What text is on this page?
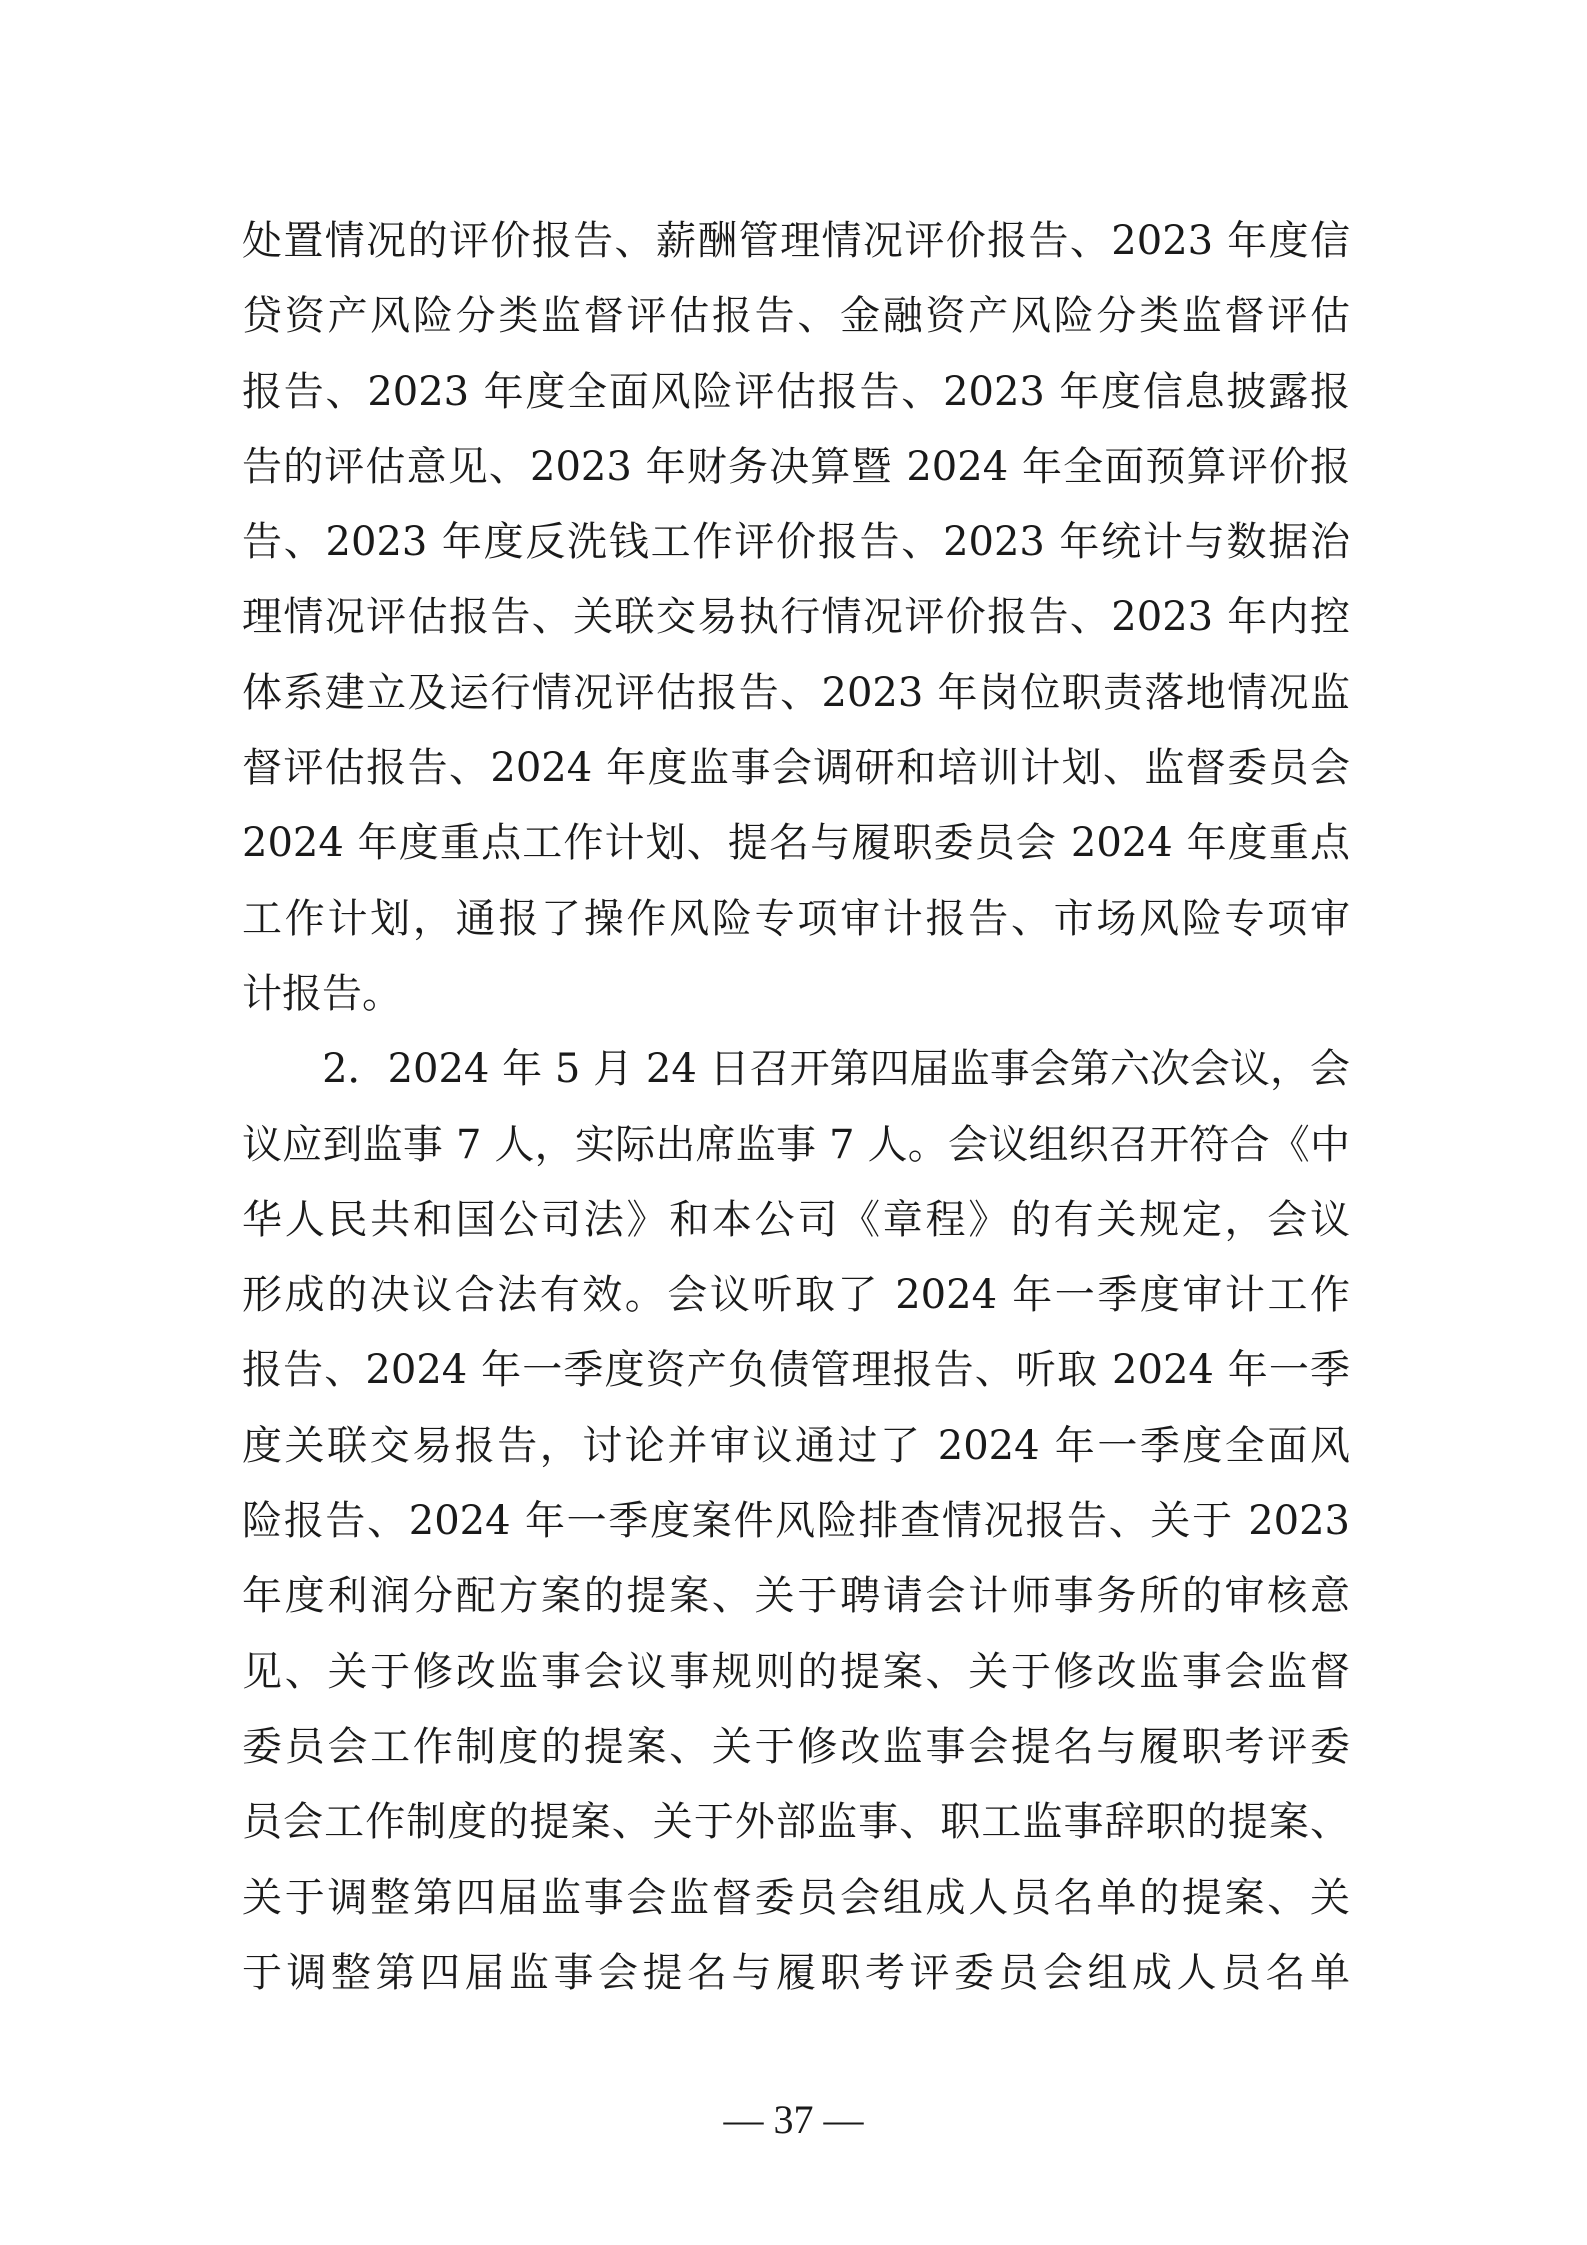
处置情况的评价报告、薪酬管理情况评价报告、2023 年度信
贷资产风险分类监督评估报告、金融资产风险分类监督评估
报告、2023 年度全面风险评估报告、2023 年度信息披露报
告的评估意见、2023 年财务决算暨 2024 年全面预算评价报
告、2023 年度反洗钱工作评价报告、2023 年统计与数据治
理情况评估报告、关联交易执行情况评价报告、2023 年内控
体系建立及运行情况评估报告、2023 年岗位职责落地情况监
督评估报告、2024 年度监事会调研和培训计划、监督委员会
2024 年度重点工作计划、提名与履职委员会 2024 年度重点
工作计划，通报了操作风险专项审计报告、市场风险专项审
计报告。
　　2．2024 年 5 月 24 日召开第四届监事会第六次会议，会
议应到监事 7 人，实际出席监事 7 人。会议组织召开符合《中
华人民共和国公司法》和本公司《章程》的有关规定，会议
形成的决议合法有效。会议听取了 2024 年一季度审计工作
报告、2024 年一季度资产负债管理报告、听取 2024 年一季
度关联交易报告，讨论并审议通过了 2024 年一季度全面风
险报告、2024 年一季度案件风险排查情况报告、关于 2023
年度利润分配方案的提案、关于聘请会计师事务所的审核意
见、关于修改监事会议事规则的提案、关于修改监事会监督
委员会工作制度的提案、关于修改监事会提名与履职考评委
员会工作制度的提案、关于外部监事、职工监事辞职的提案、
关于调整第四届监事会监督委员会组成人员名单的提案、关
于调整第四届监事会提名与履职考评委员会组成人员名单
— 37 —
